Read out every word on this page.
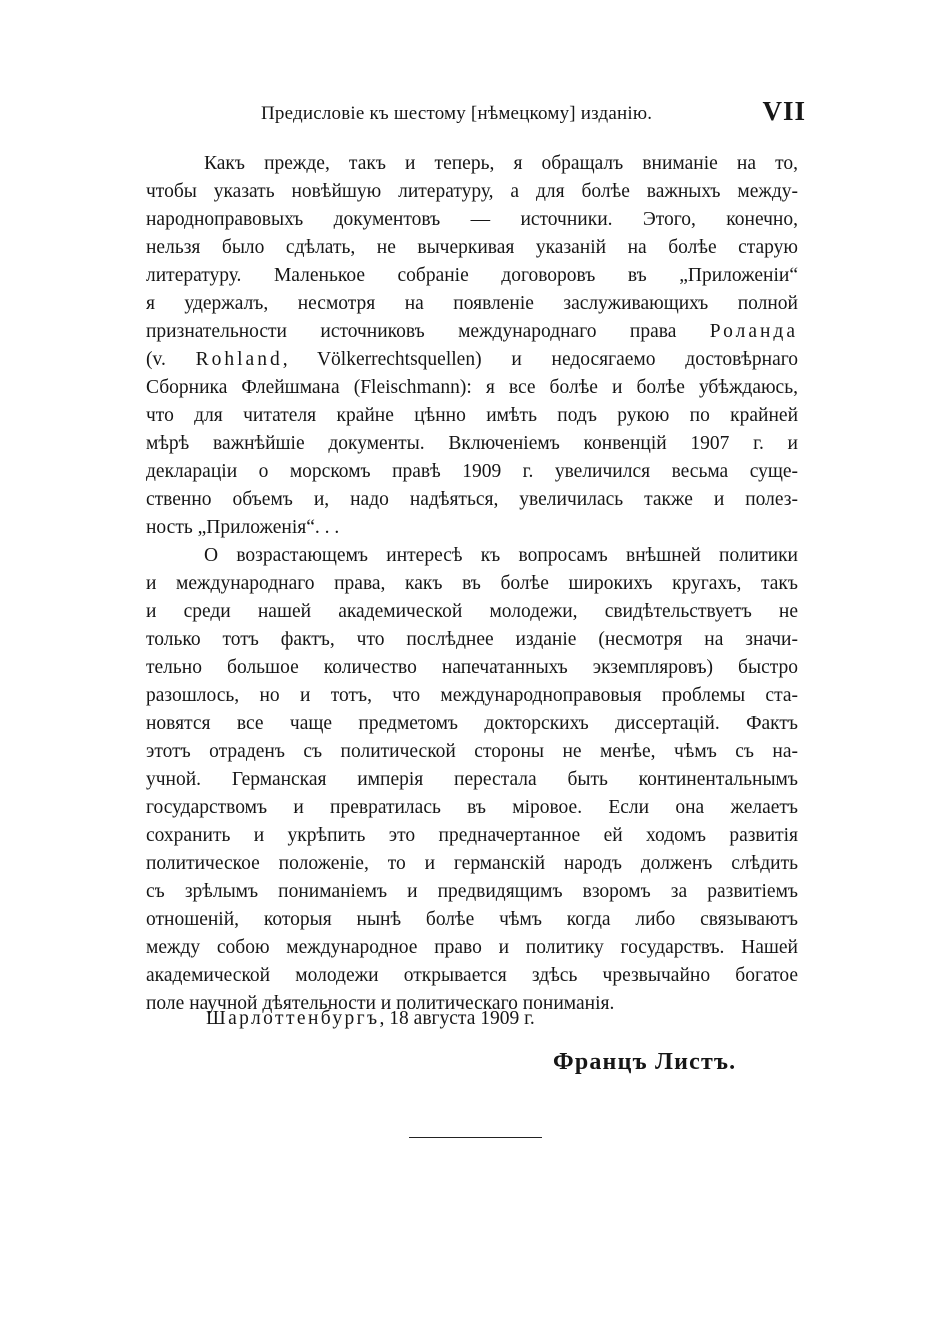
Предисловіе къ шестому [нѣмецкому] изданію.	VII
Какъ прежде, такъ и теперь, я обращалъ вниманіе на то,
чтобы указать новѣйшую литературу, а для болѣе важныхъ между-
народноправовыхъ документовъ — источники. Этого, конечно,
нельзя было сдѣлать, не вычеркивая указаній на болѣе старую
литературу. Маленькое собраніе договоровъ въ „Приложеніи“
я удержалъ, несмотря на появленіе заслуживающихъ полной
признательности источниковъ международнаго права Роланда
(v. Rohland, Völkerrechtsquellen) и недосягаемо достовѣрнаго
Сборника Флейшмана (Fleischmann): я все болѣе и болѣе убѣждаюсь,
что для читателя крайне цѣнно имѣть подъ рукою по крайней
мѣрѣ важнѣйшіе документы. Включеніемъ конвенцій 1907 г. и
деклараціи о морскомъ правѣ 1909 г. увеличился весьма суще-
ственно объемъ и, надо надѣяться, увеличилась также и полез-
ность „Приложенія“. . .
О возрастающемъ интересѣ къ вопросамъ внѣшней политики
и международнаго права, какъ въ болѣе широкихъ кругахъ, такъ
и среди нашей академической молодежи, свидѣтельствуетъ не
только тотъ фактъ, что послѣднее изданіе (несмотря на значи-
тельно большое количество напечатанныхъ экземпляровъ) быстро
разошлось, но и тотъ, что международноправовыя проблемы ста-
новятся все чаще предметомъ докторскихъ диссертацій. Фактъ
этотъ отраденъ съ политической стороны не менѣе, чѣмъ съ на-
учной. Германская имперія перестала быть континентальнымъ
государствомъ и превратилась въ міровое. Если она желаетъ
сохранить и укрѣпить это предначертанное ей ходомъ развитія
политическое положеніе, то и германскій народъ долженъ слѣдить
съ зрѣлымъ пониманіемъ и предвидящимъ взоромъ за развитіемъ
отношеній, которыя нынѣ болѣе чѣмъ когда либо связываютъ
между собою международное право и политику государствъ. Нашей
академической молодежи открывается здѣсь чрезвычайно богатое
поле научной дѣятельности и политическаго пониманія.
Шарлоттенбургъ, 18 августа 1909 г.
Францъ Листъ.
